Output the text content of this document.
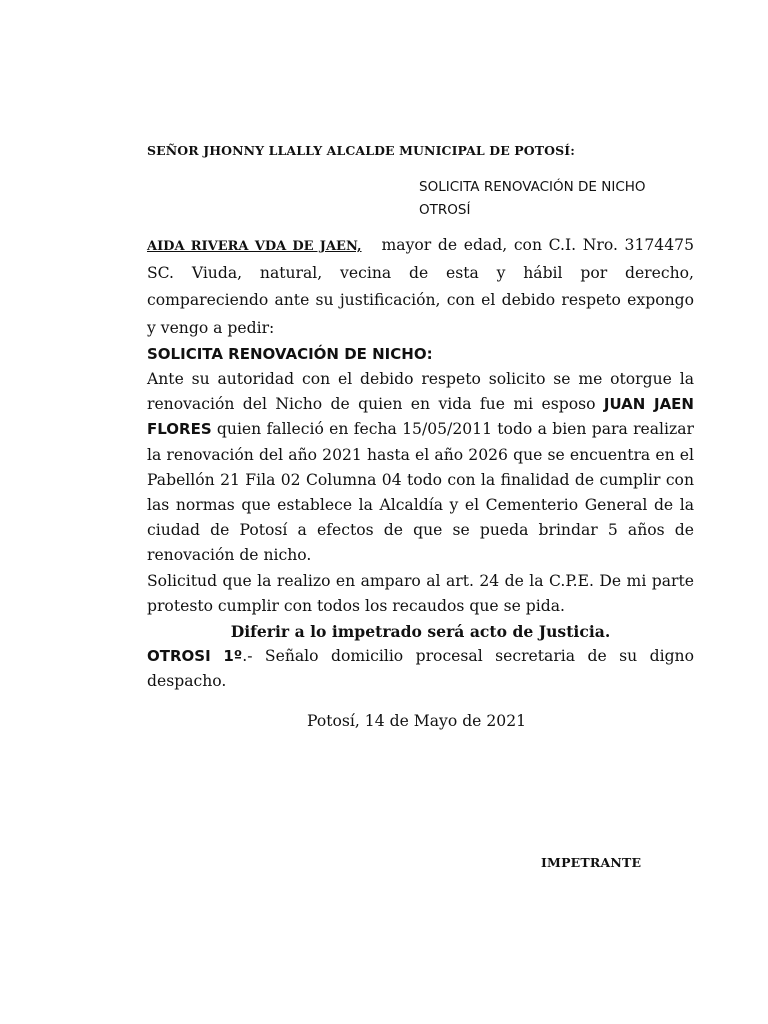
SEÑOR JHONNY LLALLY ALCALDE MUNICIPAL DE POTOSÍ:
SOLICITA RENOVACIÓN DE NICHO
OTROSÍ

AIDA RIVERA VDA DE JAEN, mayor de edad, con C.I. Nro. 3174475 SC. Viuda, natural, vecina de esta y hábil por derecho, compareciendo ante su justificación, con el debido respeto expongo y vengo a pedir:

SOLICITA RENOVACIÓN DE NICHO:

Ante su autoridad con el debido respeto solicito se me otorgue la renovación del Nicho de quien en vida fue mi esposo JUAN JAEN FLORES quien falleció en fecha 15/05/2011 todo a bien para realizar la renovación del año 2021 hasta el año 2026 que se encuentra en el Pabellón 21 Fila 02 Columna 04 todo con la finalidad de cumplir con las normas que establece la Alcaldía y el Cementerio General de la ciudad de Potosí a efectos de que se pueda brindar 5 años de renovación de nicho.

Solicitud que la realizo en amparo al art. 24 de la C.P.E. De mi parte protesto cumplir con todos los recaudos que se pida.

Diferir a lo impetrado será acto de Justicia.

OTROSI 1º.- Señalo domicilio procesal secretaria de su digno despacho.

Potosí, 14 de Mayo de 2021
IMPETRANTE
